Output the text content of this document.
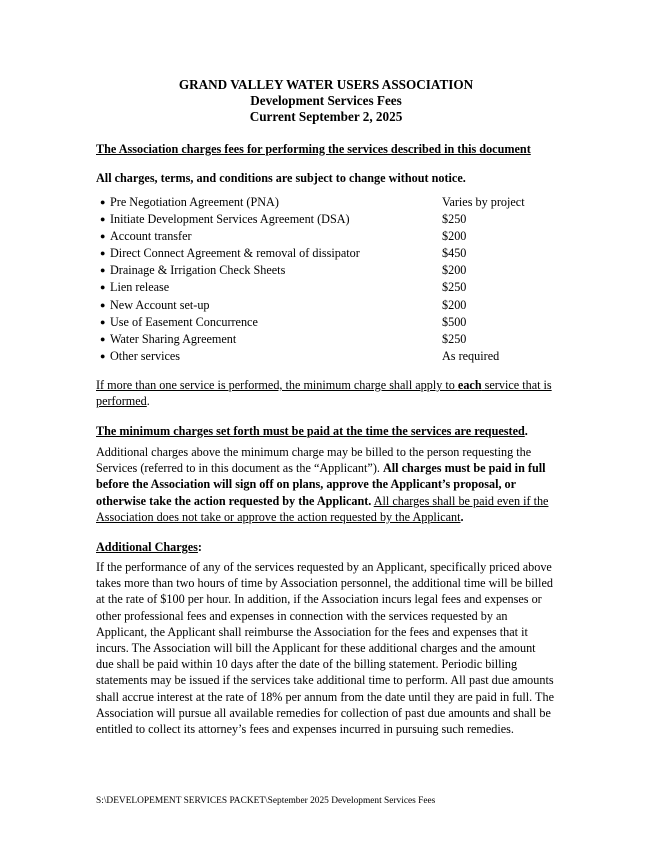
GRAND VALLEY WATER USERS ASSOCIATION
Development Services Fees
Current September 2, 2025
The Association charges fees for performing the services described in this document
All charges, terms, and conditions are subject to change without notice.
● Pre Negotiation Agreement (PNA)	Varies by project
● Initiate Development Services Agreement (DSA)	$250
● Account transfer	$200
● Direct Connect Agreement & removal of dissipator	$450
● Drainage & Irrigation Check Sheets	$200
● Lien release	$250
● New Account set-up	$200
● Use of Easement Concurrence	$500
● Water Sharing Agreement	$250
● Other services	As required
If more than one service is performed, the minimum charge shall apply to each service that is performed.
The minimum charges set forth must be paid at the time the services are requested.
Additional charges above the minimum charge may be billed to the person requesting the Services (referred to in this document as the “Applicant”). All charges must be paid in full before the Association will sign off on plans, approve the Applicant’s proposal, or otherwise take the action requested by the Applicant. All charges shall be paid even if the Association does not take or approve the action requested by the Applicant.
Additional Charges:
If the performance of any of the services requested by an Applicant, specifically priced above takes more than two hours of time by Association personnel, the additional time will be billed at the rate of $100 per hour. In addition, if the Association incurs legal fees and expenses or other professional fees and expenses in connection with the services requested by an Applicant, the Applicant shall reimburse the Association for the fees and expenses that it incurs. The Association will bill the Applicant for these additional charges and the amount due shall be paid within 10 days after the date of the billing statement. Periodic billing statements may be issued if the services take additional time to perform. All past due amounts shall accrue interest at the rate of 18% per annum from the date until they are paid in full. The Association will pursue all available remedies for collection of past due amounts and shall be entitled to collect its attorney’s fees and expenses incurred in pursuing such remedies.
S:\DEVELOPEMENT SERVICES PACKET\September 2025 Development Services Fees
